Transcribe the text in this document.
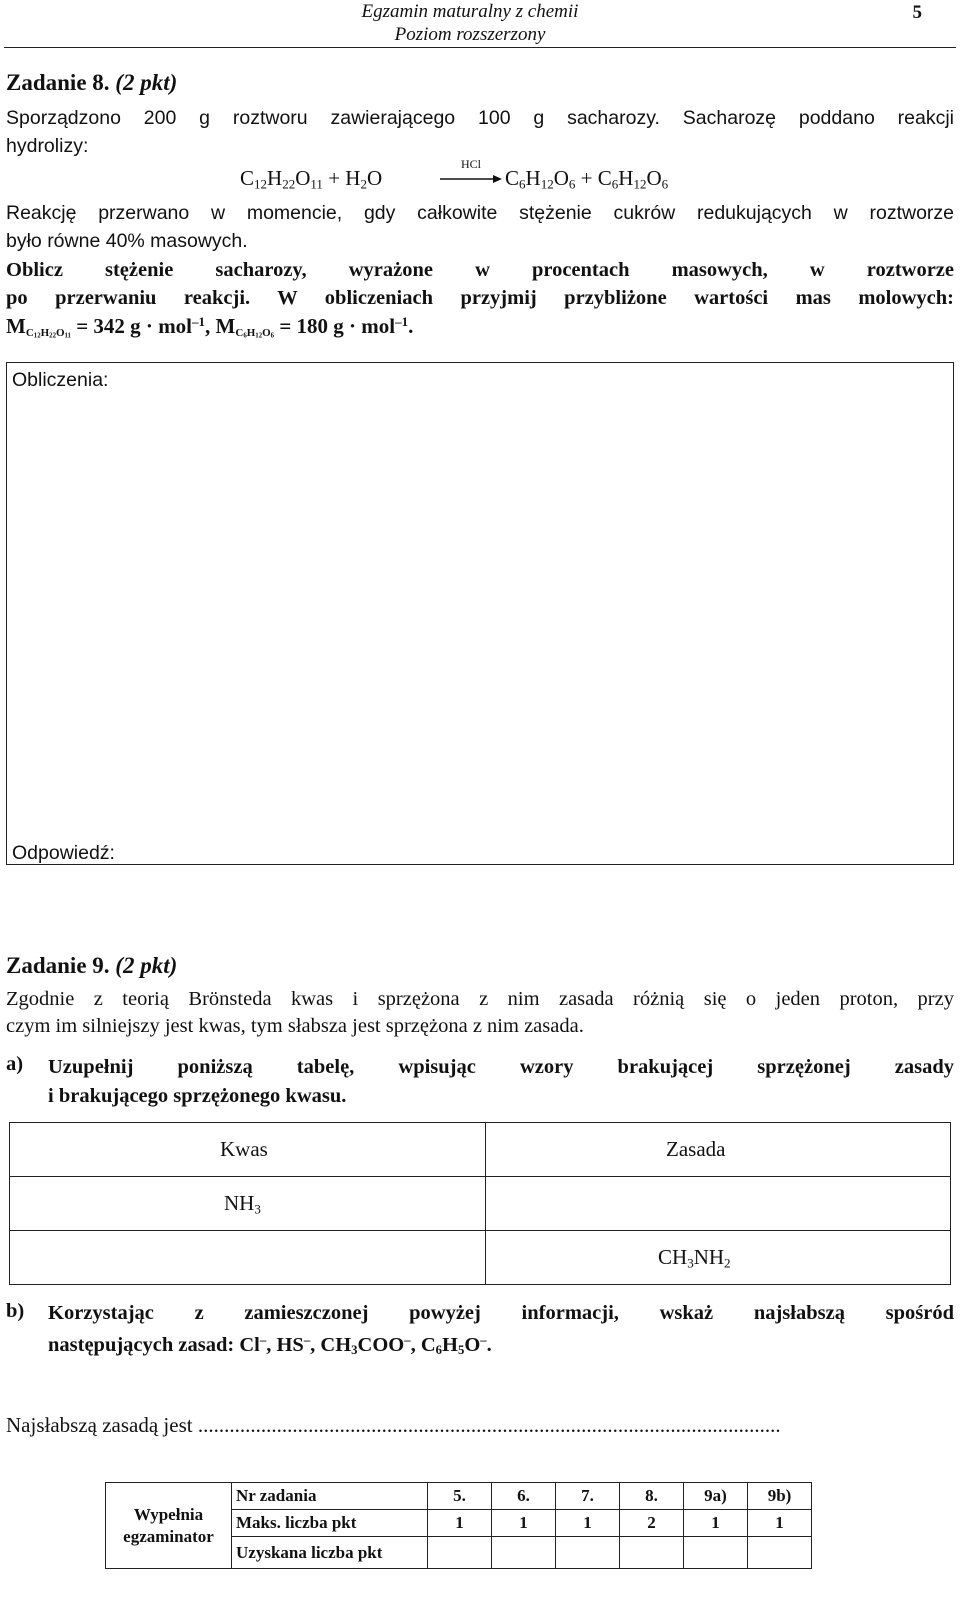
Egzamin maturalny z chemii
Poziom rozszerzony
5
Zadanie 8. (2 pkt)
Sporządzono 200 g roztworu zawierającego 100 g sacharozy. Sacharozę poddano reakcji
hydrolizy:
$C_{12}H_{22}O_{11} + H_2O$
HCl
$C_6H_{12}O_6 + C_6H_{12}O_6$
Reakcję przerwano w momencie, gdy całkowite stężenie cukrów redukujących w roztworze
było równe 40% masowych.
Oblicz stężenie sacharozy, wyrażone w procentach masowych, w roztworze
po przerwaniu reakcji. W obliczeniach przyjmij przybliżone wartości mas molowych:
$M_{C_{12}H_{22}O_{11}} = 342$ g · mol$^{-1}$, $M_{C_6H_{12}O_6} = 180$ g · mol$^{-1}$.
Obliczenia:
Odpowiedź:
Zadanie 9. (2 pkt)
Zgodnie z teorią Brönsteda kwas i sprzężona z nim zasada różnią się o jeden proton, przy
czym im silniejszy jest kwas, tym słabsza jest sprzężona z nim zasada.
a) Uzupełnij poniższą tabelę, wpisując wzory brakującej sprzężonej zasady
i brakującego sprzężonego kwasu.
Kwas	Zasada
$NH_3$	
	$CH_3NH_2$
b) Korzystając z zamieszczonej powyżej informacji, wskaż najsłabszą spośród
następujących zasad: Cl–, HS–, $CH_3COO^-$, $C_6H_5O^-$.
Najsłabszą zasadą jest ...............................................................................................................
Wypełnia egzaminator	Nr zadania	5.	6.	7.	8.	9a)	9b)
	Maks. liczba pkt	1	1	1	2	1	1
	Uzyskana liczba pkt						
